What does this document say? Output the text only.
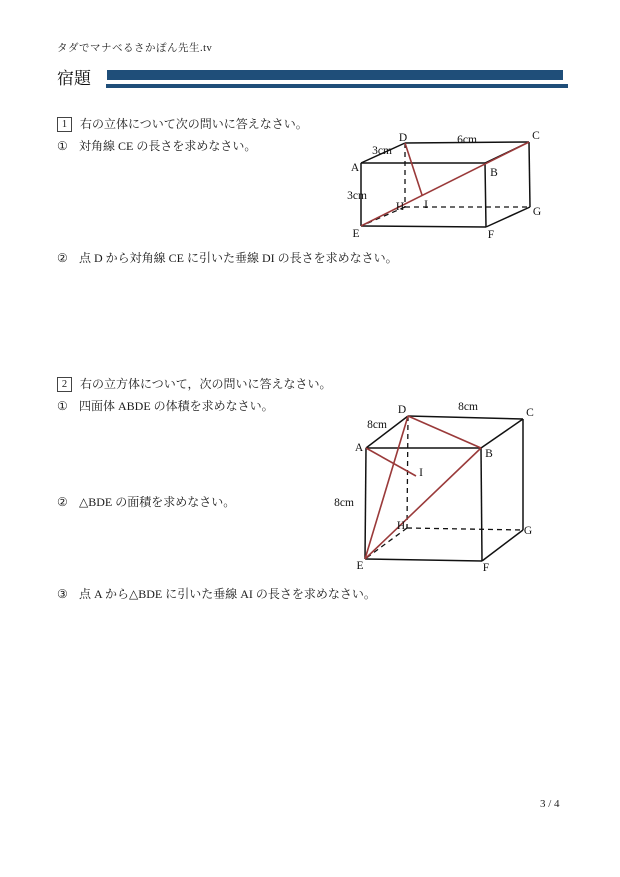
タダでマナベるさかぽん先生.tv
宿題
1	右の立体について次の問いに答えなさい。
① 対角線 CE の長さを求めなさい。
② 点 D から対角線 CE に引いた垂線 DI の長さを求めなさい。
D	6cm	C
3cm
A	B
3cm
H I
G
E	F
2	右の立方体について，次の問いに答えなさい。
① 四面体 ABDE の体積を求めなさい。
② △BDE の面積を求めなさい。
③ 点 A から△BDE に引いた垂線 AI の長さを求めなさい。
D	8cm	C
8cm
A	B
I
8cm
H	G
E	F
3 / 4
